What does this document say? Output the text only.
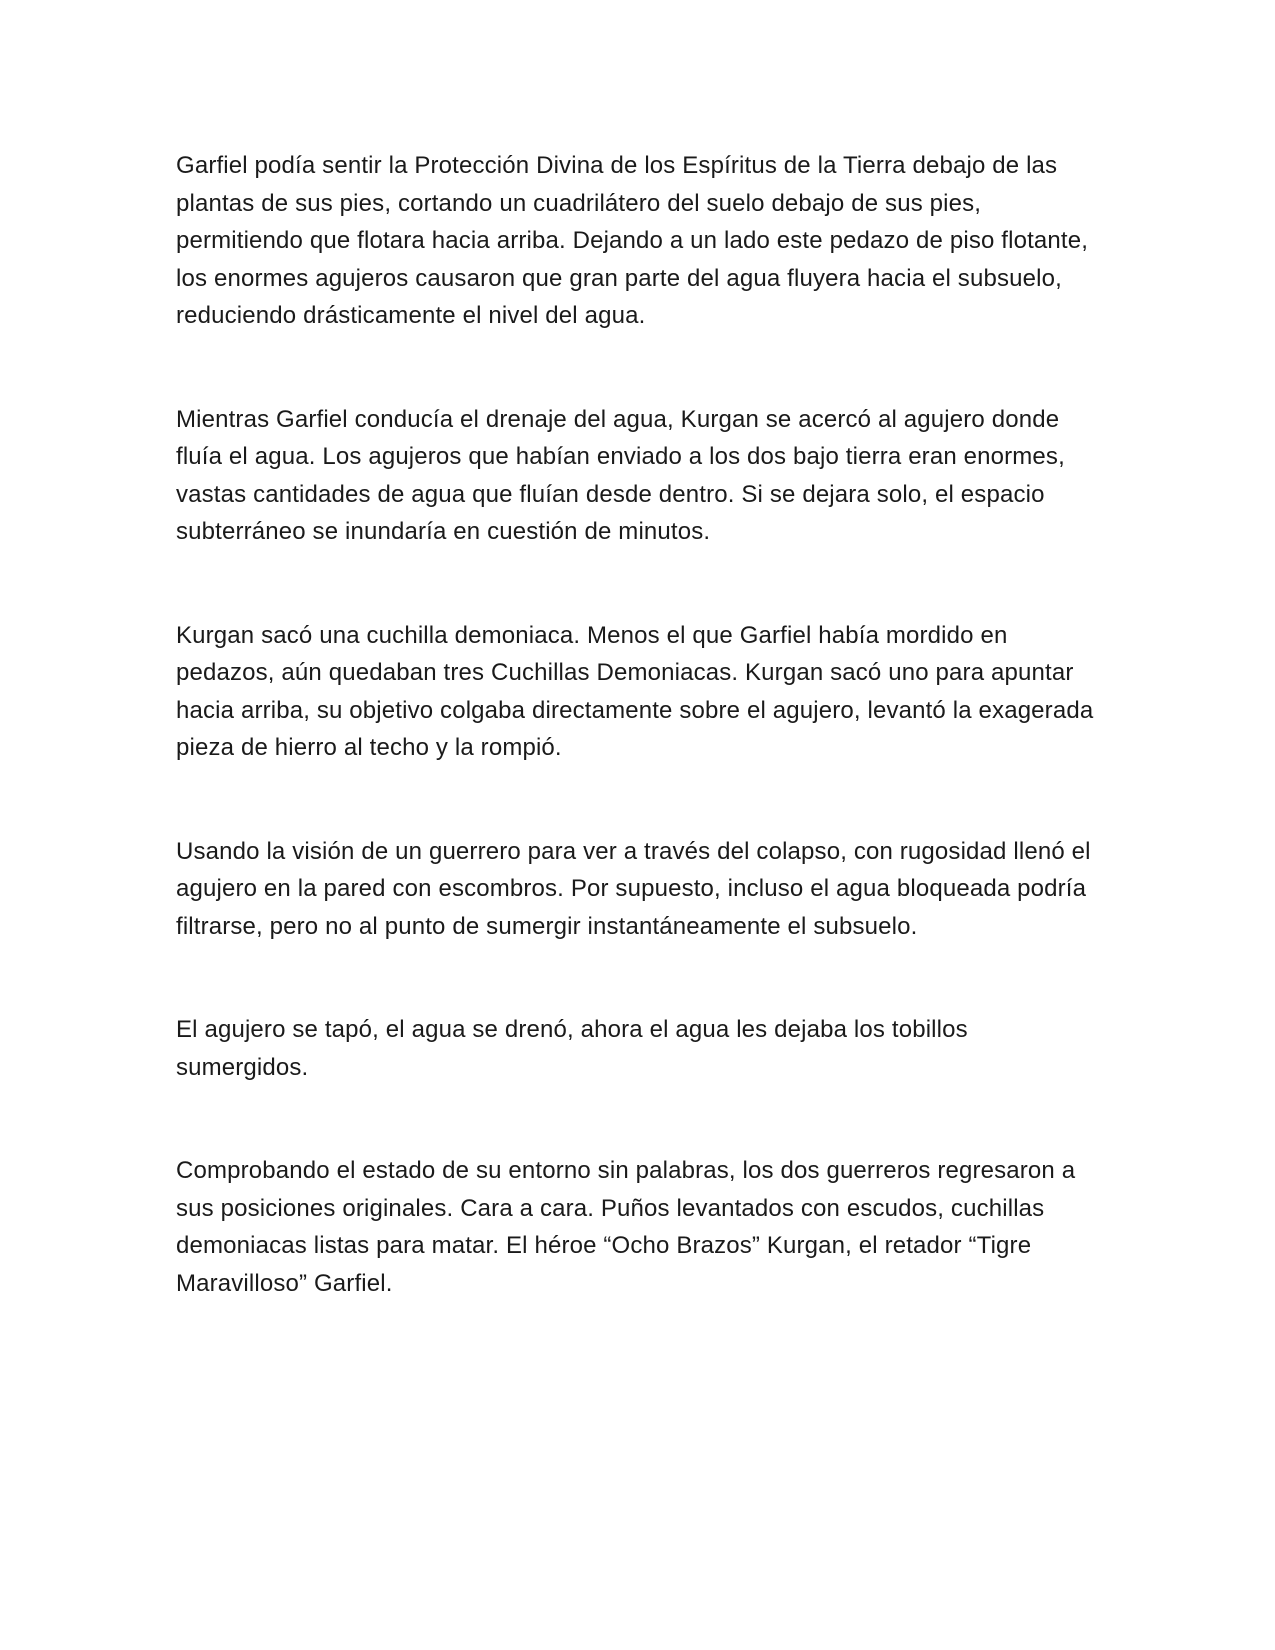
Garfiel podía sentir la Protección Divina de los Espíritus de la Tierra debajo de las plantas de sus pies, cortando un cuadrilátero del suelo debajo de sus pies, permitiendo que flotara hacia arriba. Dejando a un lado este pedazo de piso flotante, los enormes agujeros causaron que gran parte del agua fluyera hacia el subsuelo, reduciendo drásticamente el nivel del agua.

Mientras Garfiel conducía el drenaje del agua, Kurgan se acercó al agujero donde fluía el agua. Los agujeros que habían enviado a los dos bajo tierra eran enormes, vastas cantidades de agua que fluían desde dentro. Si se dejara solo, el espacio subterráneo se inundaría en cuestión de minutos.

Kurgan sacó una cuchilla demoniaca. Menos el que Garfiel había mordido en pedazos, aún quedaban tres Cuchillas Demoniacas. Kurgan sacó uno para apuntar hacia arriba, su objetivo colgaba directamente sobre el agujero, levantó la exagerada pieza de hierro al techo y la rompió.

Usando la visión de un guerrero para ver a través del colapso, con rugosidad llenó el agujero en la pared con escombros. Por supuesto, incluso el agua bloqueada podría filtrarse, pero no al punto de sumergir instantáneamente el subsuelo.

El agujero se tapó, el agua se drenó, ahora el agua les dejaba los tobillos sumergidos.

Comprobando el estado de su entorno sin palabras, los dos guerreros regresaron a sus posiciones originales. Cara a cara. Puños levantados con escudos, cuchillas demoniacas listas para matar. El héroe “Ocho Brazos” Kurgan, el retador “Tigre Maravilloso” Garfiel.
